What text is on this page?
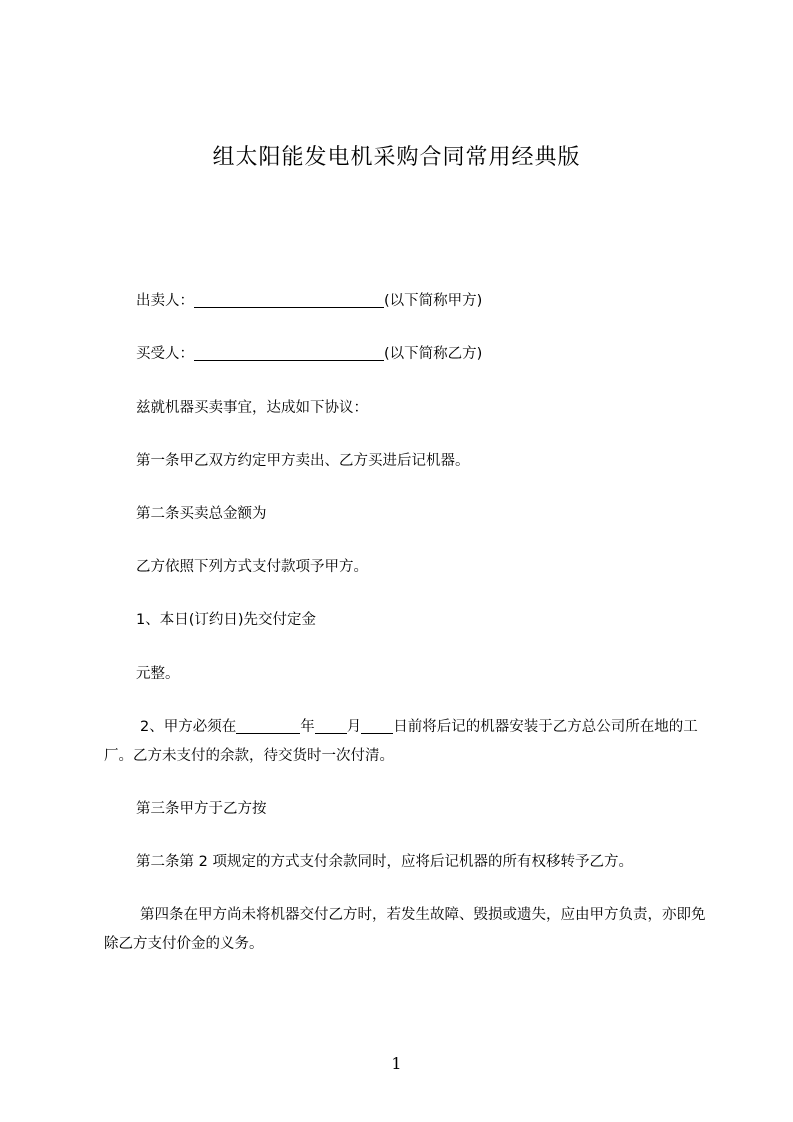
组太阳能发电机采购合同常用经典版
出卖人：	(以下简称甲方)
买受人：	(以下简称乙方)
兹就机器买卖事宜，达成如下协议：
第一条甲乙双方约定甲方卖出、乙方买进后记机器。
第二条买卖总金额为
乙方依照下列方式支付款项予甲方。
1、本日(订约日)先交付定金
元整。
2、甲方必须在	年 月 日前将后记的机器安装于乙方总公司所在地的工厂。乙方未支付的余款，待交货时一次付清。
第三条甲方于乙方按
第二条第 2 项规定的方式支付余款同时，应将后记机器的所有权移转予乙方。
第四条在甲方尚未将机器交付乙方时，若发生故障、毁损或遗失，应由甲方负责，亦即免除乙方支付价金的义务。
1
